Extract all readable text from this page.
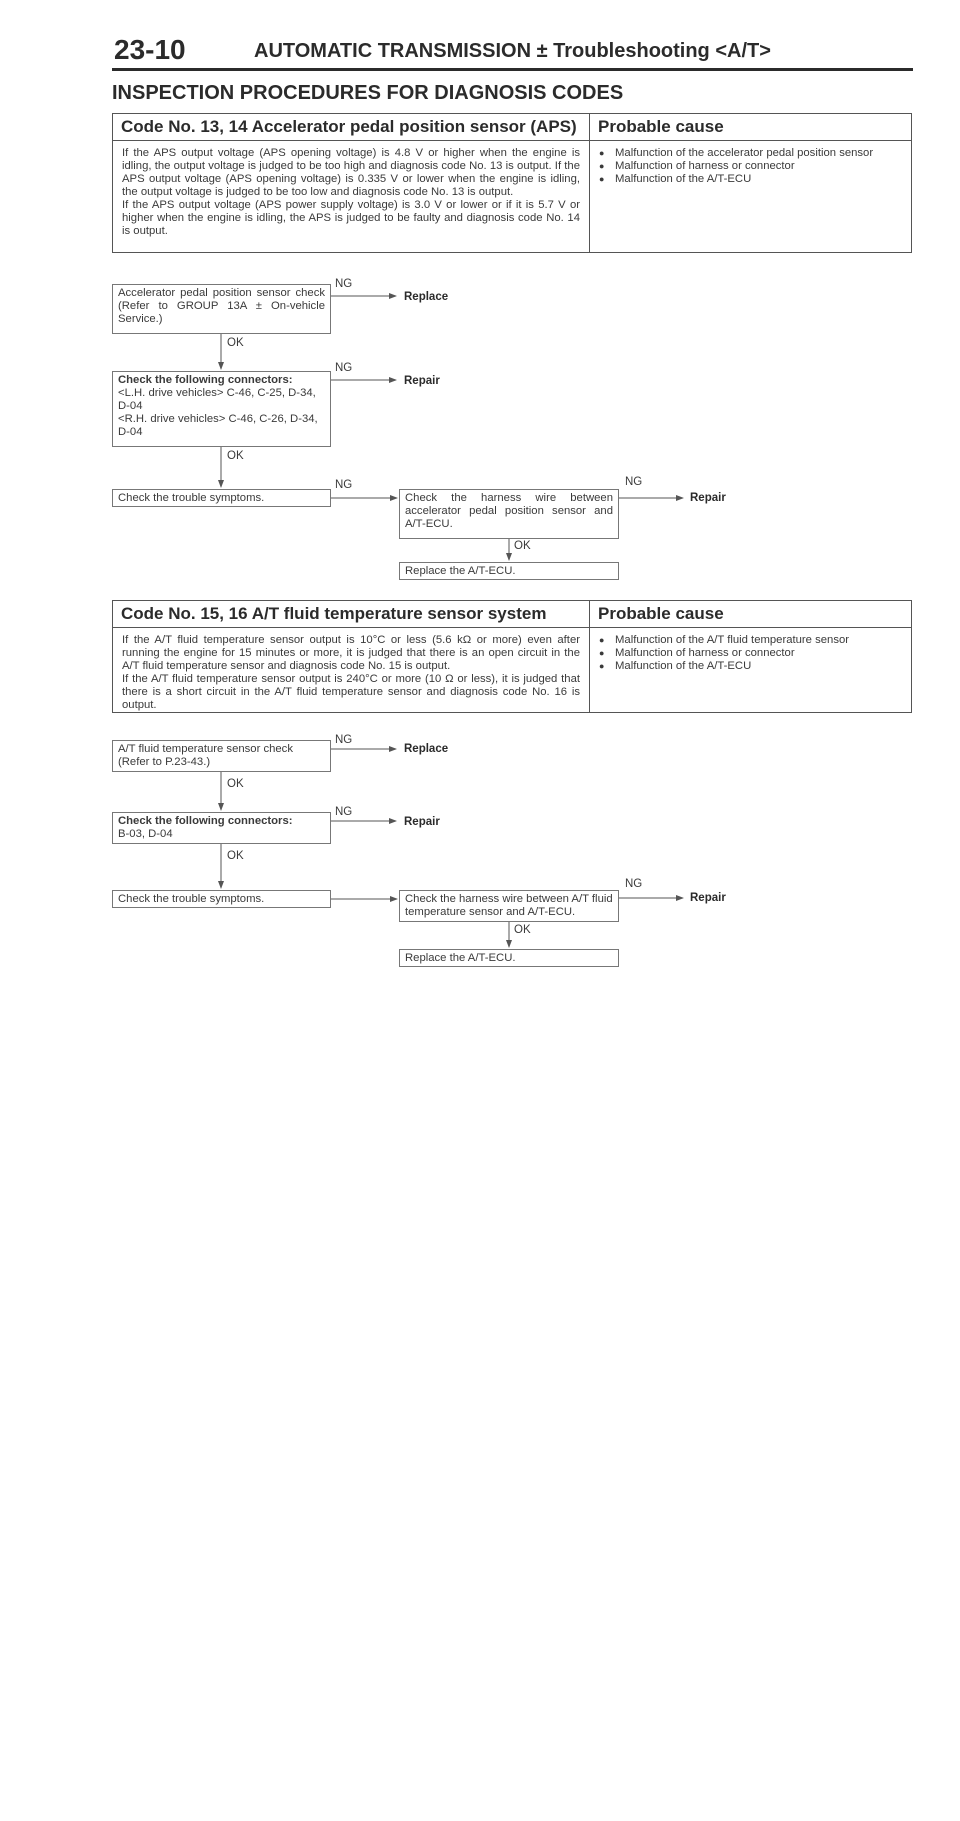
23-10	AUTOMATIC TRANSMISSION ± Troubleshooting <A/T>
INSPECTION PROCEDURES FOR DIAGNOSIS CODES
Code No. 13, 14 Accelerator pedal position sensor (APS)	Probable cause
If the APS output voltage (APS opening voltage) is 4.8 V or higher when the engine is idling, the output voltage is judged to be too high and diagnosis code No. 13 is output. If the APS output voltage (APS opening voltage) is 0.335 V or lower when the engine is idling, the output voltage is judged to be too low and diagnosis code No. 13 is output.
If the APS output voltage (APS power supply voltage) is 3.0 V or lower or if it is 5.7 V or higher when the engine is idling, the APS is judged to be faulty and diagnosis code No. 14 is output.
● Malfunction of the accelerator pedal position sensor
● Malfunction of harness or connector
● Malfunction of the A/T-ECU
Accelerator pedal position sensor check (Refer to GROUP 13A ± On-vehicle Service.)
Check the following connectors:
<L.H. drive vehicles> C-46, C-25, D-34, D-04
<R.H. drive vehicles> C-46, C-26, D-34, D-04
Check the trouble symptoms.	Check the harness wire between accelerator pedal position sensor and A/T-ECU.
Replace the A/T-ECU.
NG
Replace
OK
NG
Repair
OK
NG	NG
Repair
OK
Code No. 15, 16 A/T fluid temperature sensor system	Probable cause
If the A/T fluid temperature sensor output is 10°C or less (5.6 kΩ or more) even after running the engine for 15 minutes or more, it is judged that there is an open circuit in the A/T fluid temperature sensor and diagnosis code No. 15 is output.
If the A/T fluid temperature sensor output is 240°C or more (10 Ω or less), it is judged that there is a short circuit in the A/T fluid temperature sensor and diagnosis code No. 16 is output.
● Malfunction of the A/T fluid temperature sensor
● Malfunction of harness or connector
● Malfunction of the A/T-ECU
A/T fluid temperature sensor check (Refer to P.23-43.)
Check the following connectors:
B-03, D-04
Check the trouble symptoms.	Check the harness wire between A/T fluid temperature sensor and A/T-ECU.
Replace the A/T-ECU.
NG
Replace
OK
NG
Repair
OK
NG
Repair
OK
